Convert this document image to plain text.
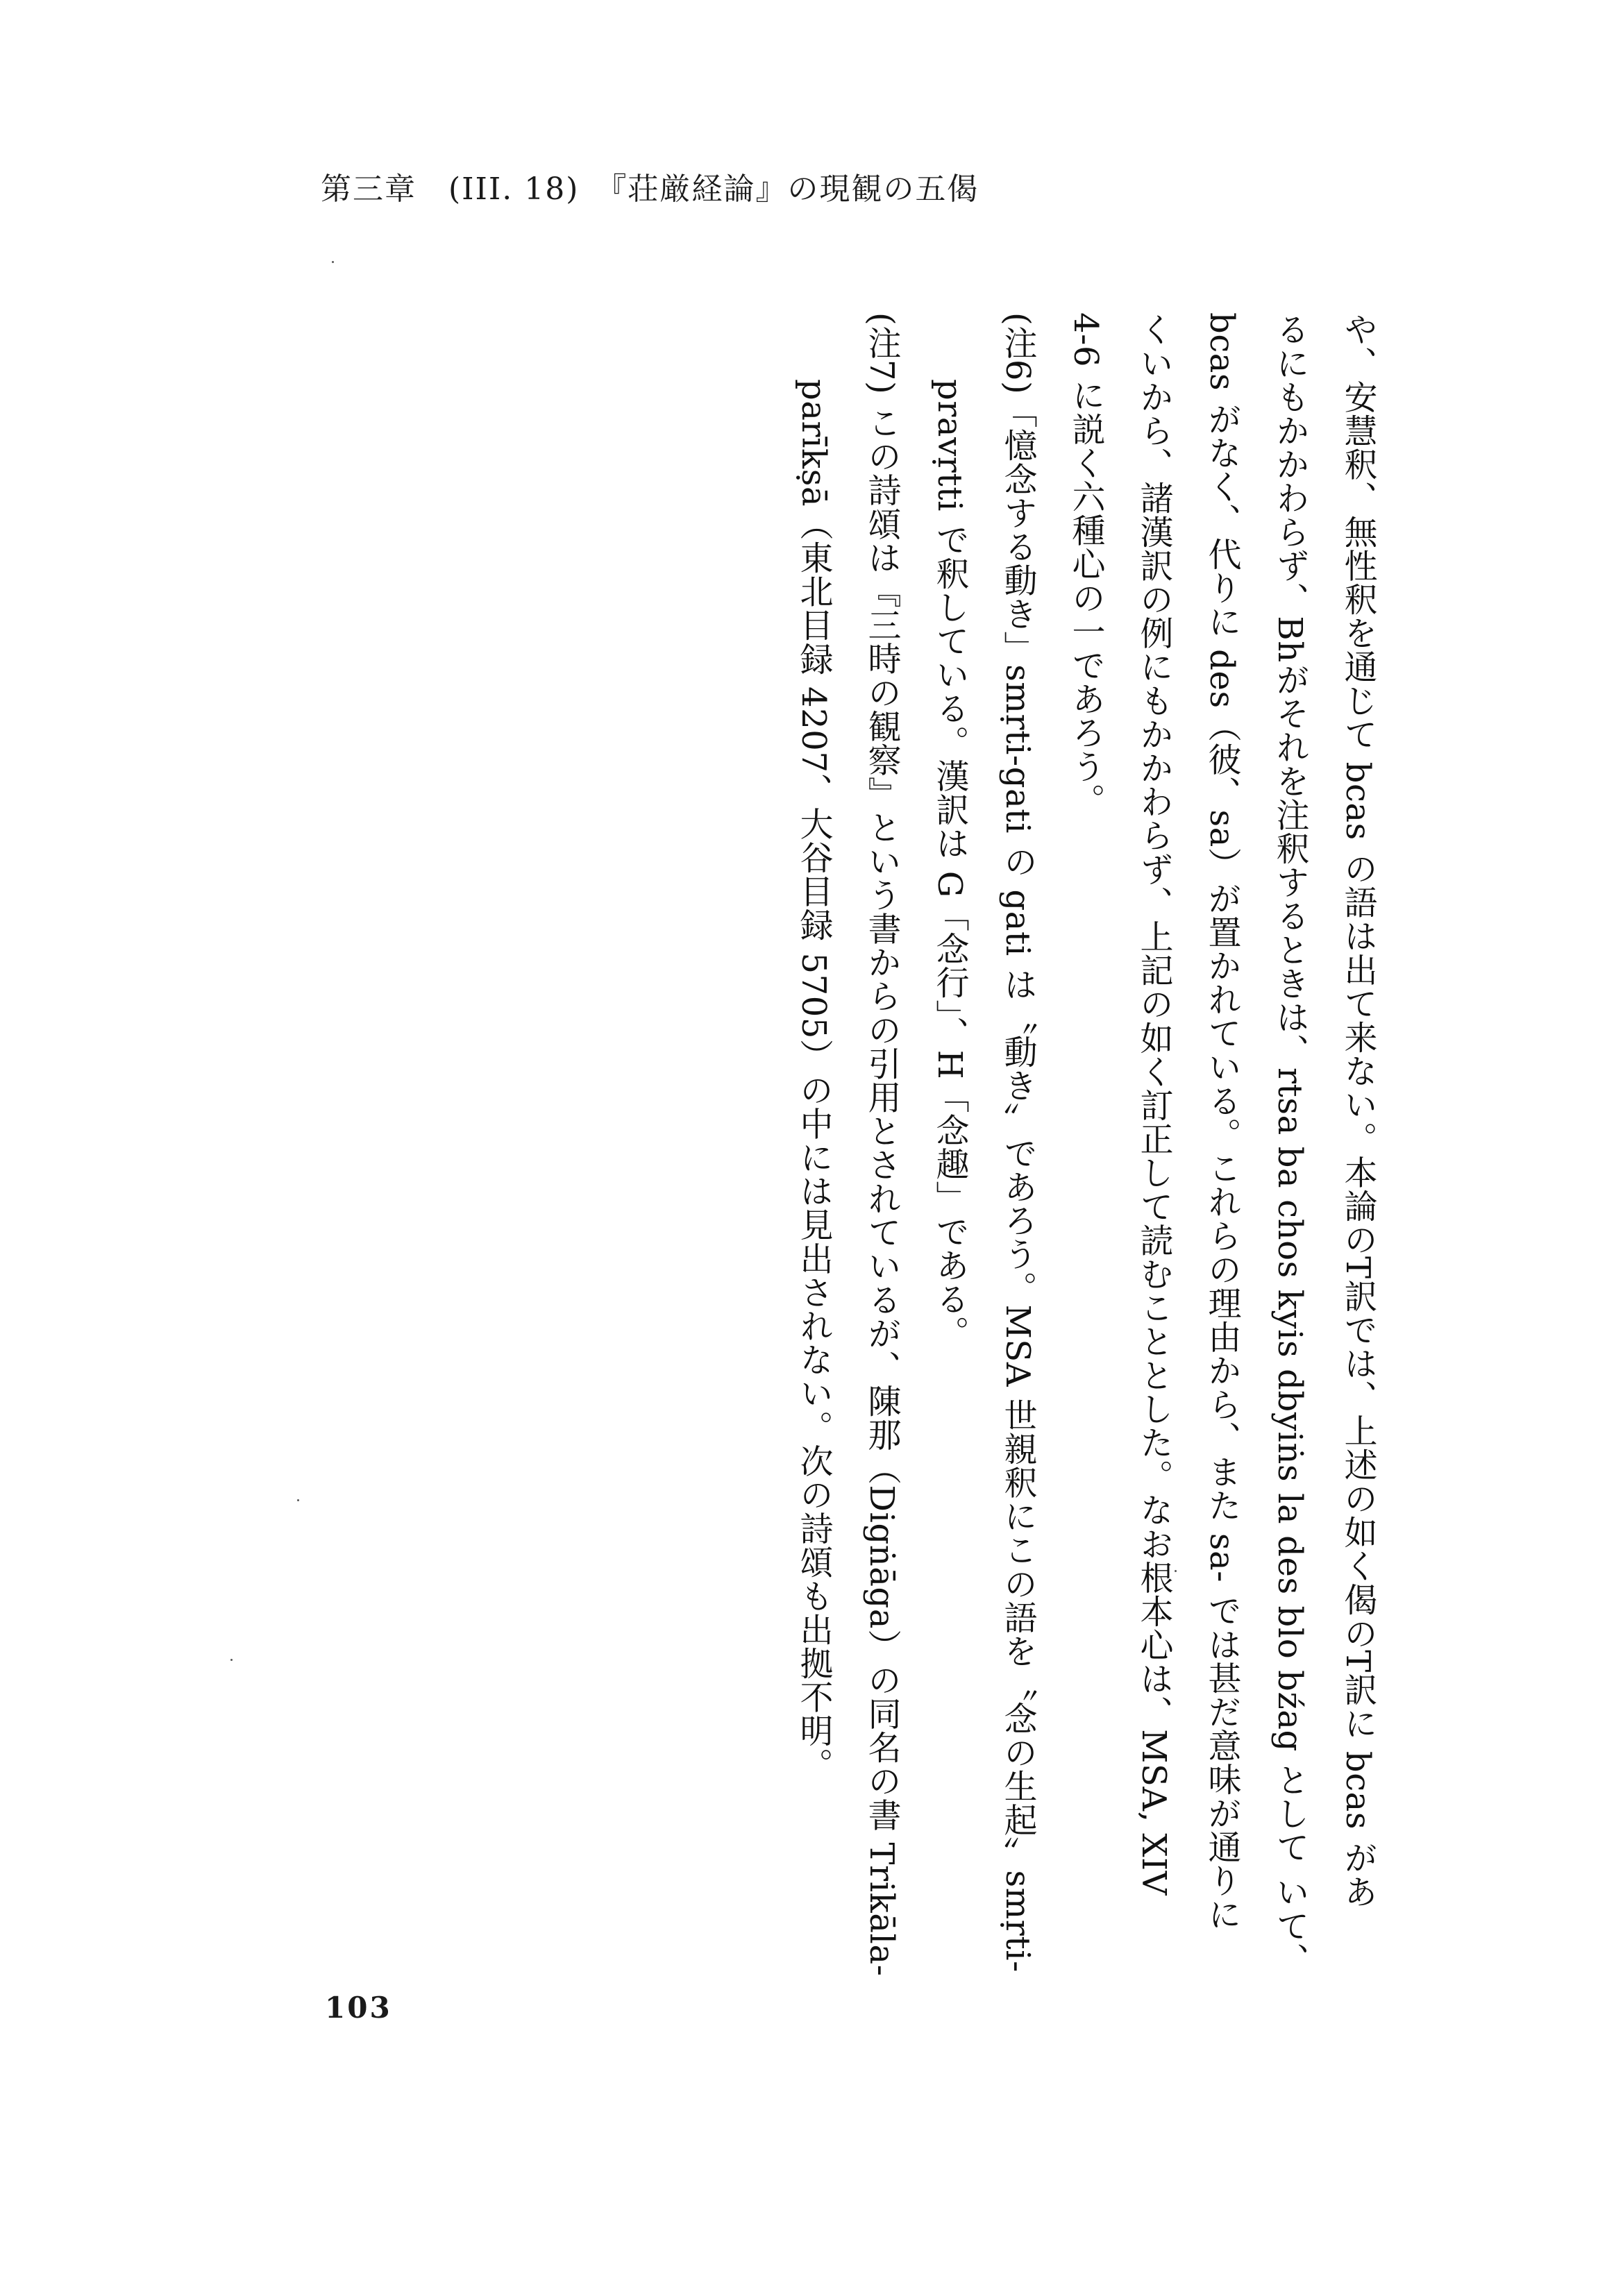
第三章　(III. 18)　『荘厳経論』の現観の五偈
や、安慧釈、無性釈を通じて bcas の語は出て来ない。本論のT訳では、上述の如く偈のT訳に bcas があ
るにもかかわらず、Bhがそれを注釈するときは、rtsa ba chos kyis dbyiṅs la des blo bźag として いて、
bcas がなく、代りに des（彼、sa）が置かれている。これらの理由から、また sa- では甚だ意味が通りに
くいから、諸漢訳の例にもかかわらず、上記の如く訂正して読むこととした。なお根本心は、MSA, XIV
4-6 に説く六種心の一であろう。
(注6)「憶念する動き」smṛti-gati の gati は〝動き〟であろう。MSA 世親釈にこの語を〝念の生起〟smṛti-
pravṛtti で釈している。漢訳は G「念行」、H「念趣」である。
(注7) この詩頌は『三時の観察』という書からの引用とされているが、陳那（Digṅāga）の同名の書 Trikāla-
parīkṣā（東北目録 4207、大谷目録 5705）の中には見出されない。次の詩頌も出拠不明。
103
